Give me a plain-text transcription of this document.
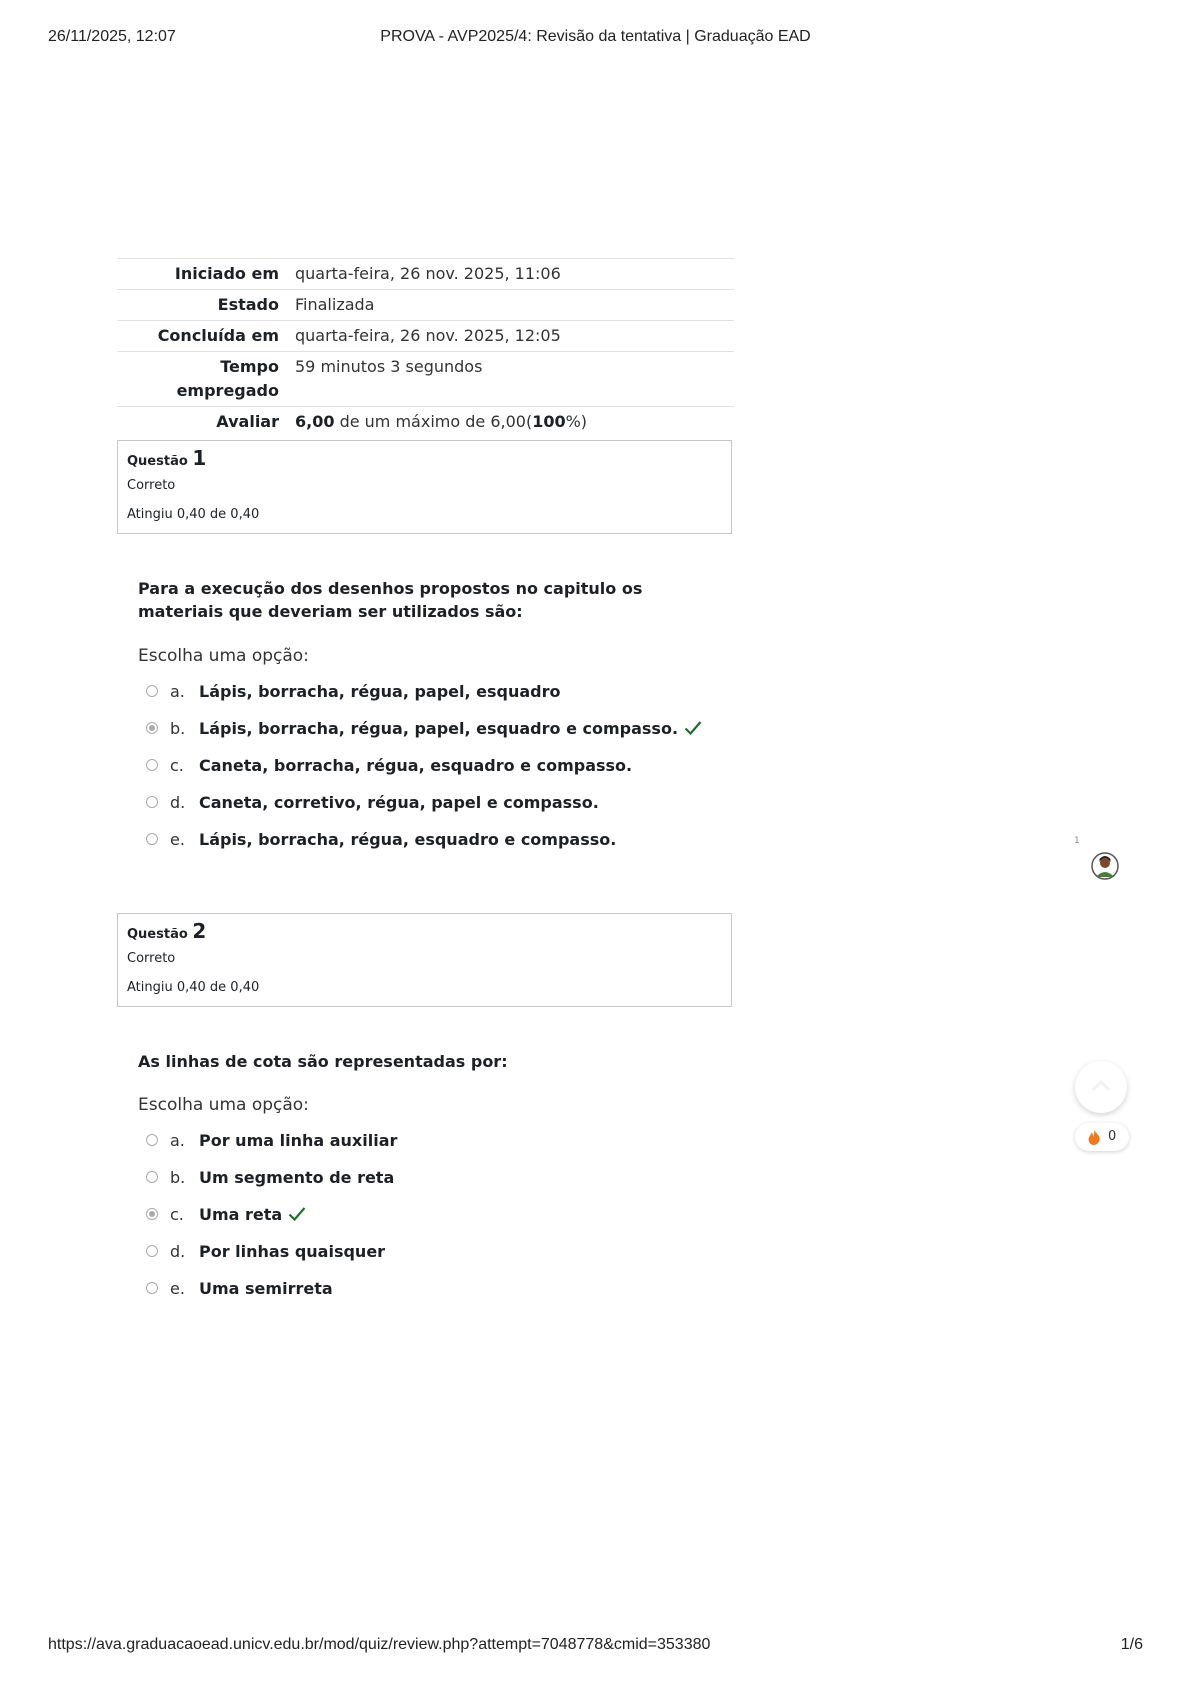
26/11/2025, 12:07	PROVA - AVP2025/4: Revisão da tentativa | Graduação EAD
Iniciado em	quarta-feira, 26 nov. 2025, 11:06
Estado	Finalizada
Concluída em	quarta-feira, 26 nov. 2025, 12:05
Tempo empregado	59 minutos 3 segundos
Avaliar	6,00 de um máximo de 6,00(100%)
Questão 1
Correto
Atingiu 0,40 de 0,40
Para a execução dos desenhos propostos no capitulo os materiais que deveriam ser utilizados são:
Escolha uma opção:
a. Lápis, borracha, régua, papel, esquadro
b. Lápis, borracha, régua, papel, esquadro e compasso.
c. Caneta, borracha, régua, esquadro e compasso.
d. Caneta, corretivo, régua, papel e compasso.
e. Lápis, borracha, régua, esquadro e compasso.
Questão 2
Correto
Atingiu 0,40 de 0,40
As linhas de cota são representadas por:
Escolha uma opção:
a. Por uma linha auxiliar
b. Um segmento de reta
c. Uma reta
d. Por linhas quaisquer
e. Uma semirreta
1
0
https://ava.graduacaoead.unicv.edu.br/mod/quiz/review.php?attempt=7048778&cmid=353380	1/6
